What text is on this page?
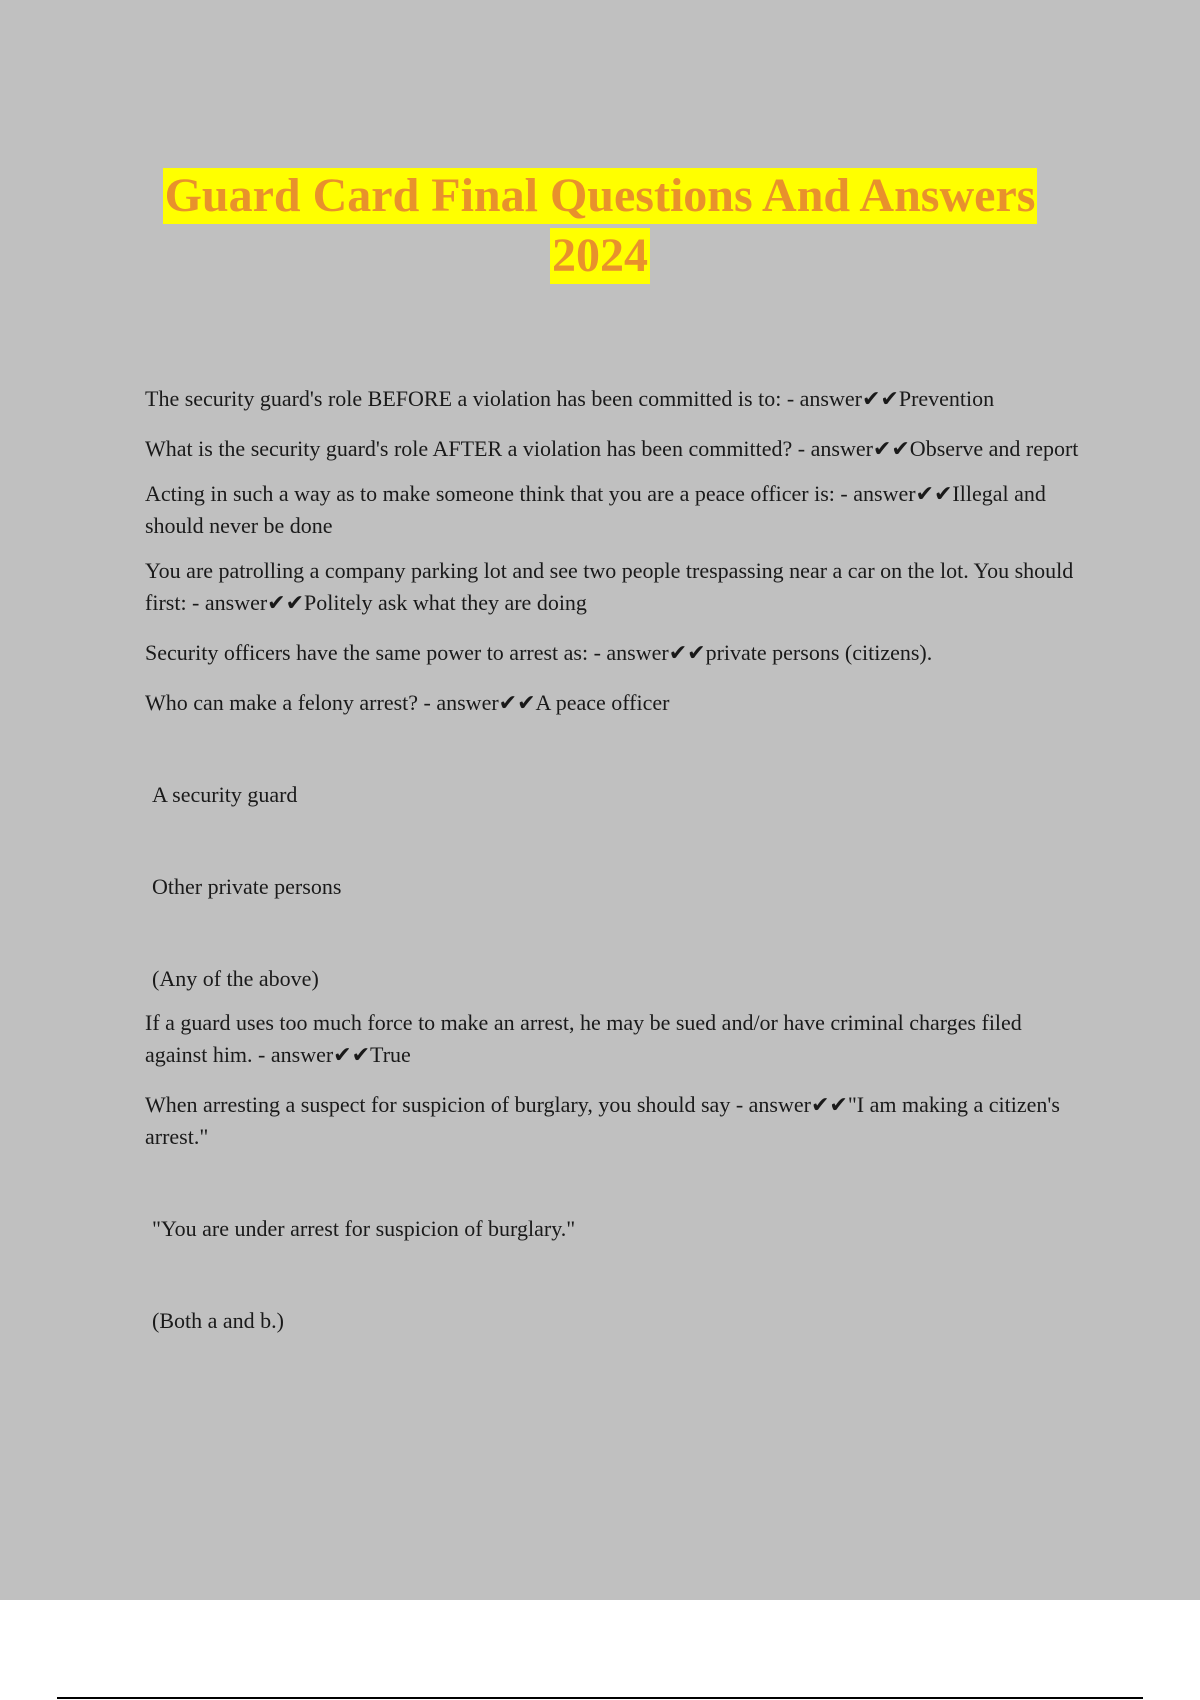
Guard Card Final Questions And Answers
2024

The security guard's role BEFORE a violation has been committed is to: - answer✔✔Prevention

What is the security guard's role AFTER a violation has been committed? - answer✔✔Observe and report

Acting in such a way as to make someone think that you are a peace officer is: - answer✔✔Illegal and should never be done

You are patrolling a company parking lot and see two people trespassing near a car on the lot. You should first: - answer✔✔Politely ask what they are doing

Security officers have the same power to arrest as: - answer✔✔private persons (citizens).

Who can make a felony arrest? - answer✔✔A peace officer

A security guard

Other private persons

(Any of the above)

If a guard uses too much force to make an arrest, he may be sued and/or have criminal charges filed against him. - answer✔✔True

When arresting a suspect for suspicion of burglary, you should say - answer✔✔"I am making a citizen's arrest."

"You are under arrest for suspicion of burglary."

(Both a and b.)
